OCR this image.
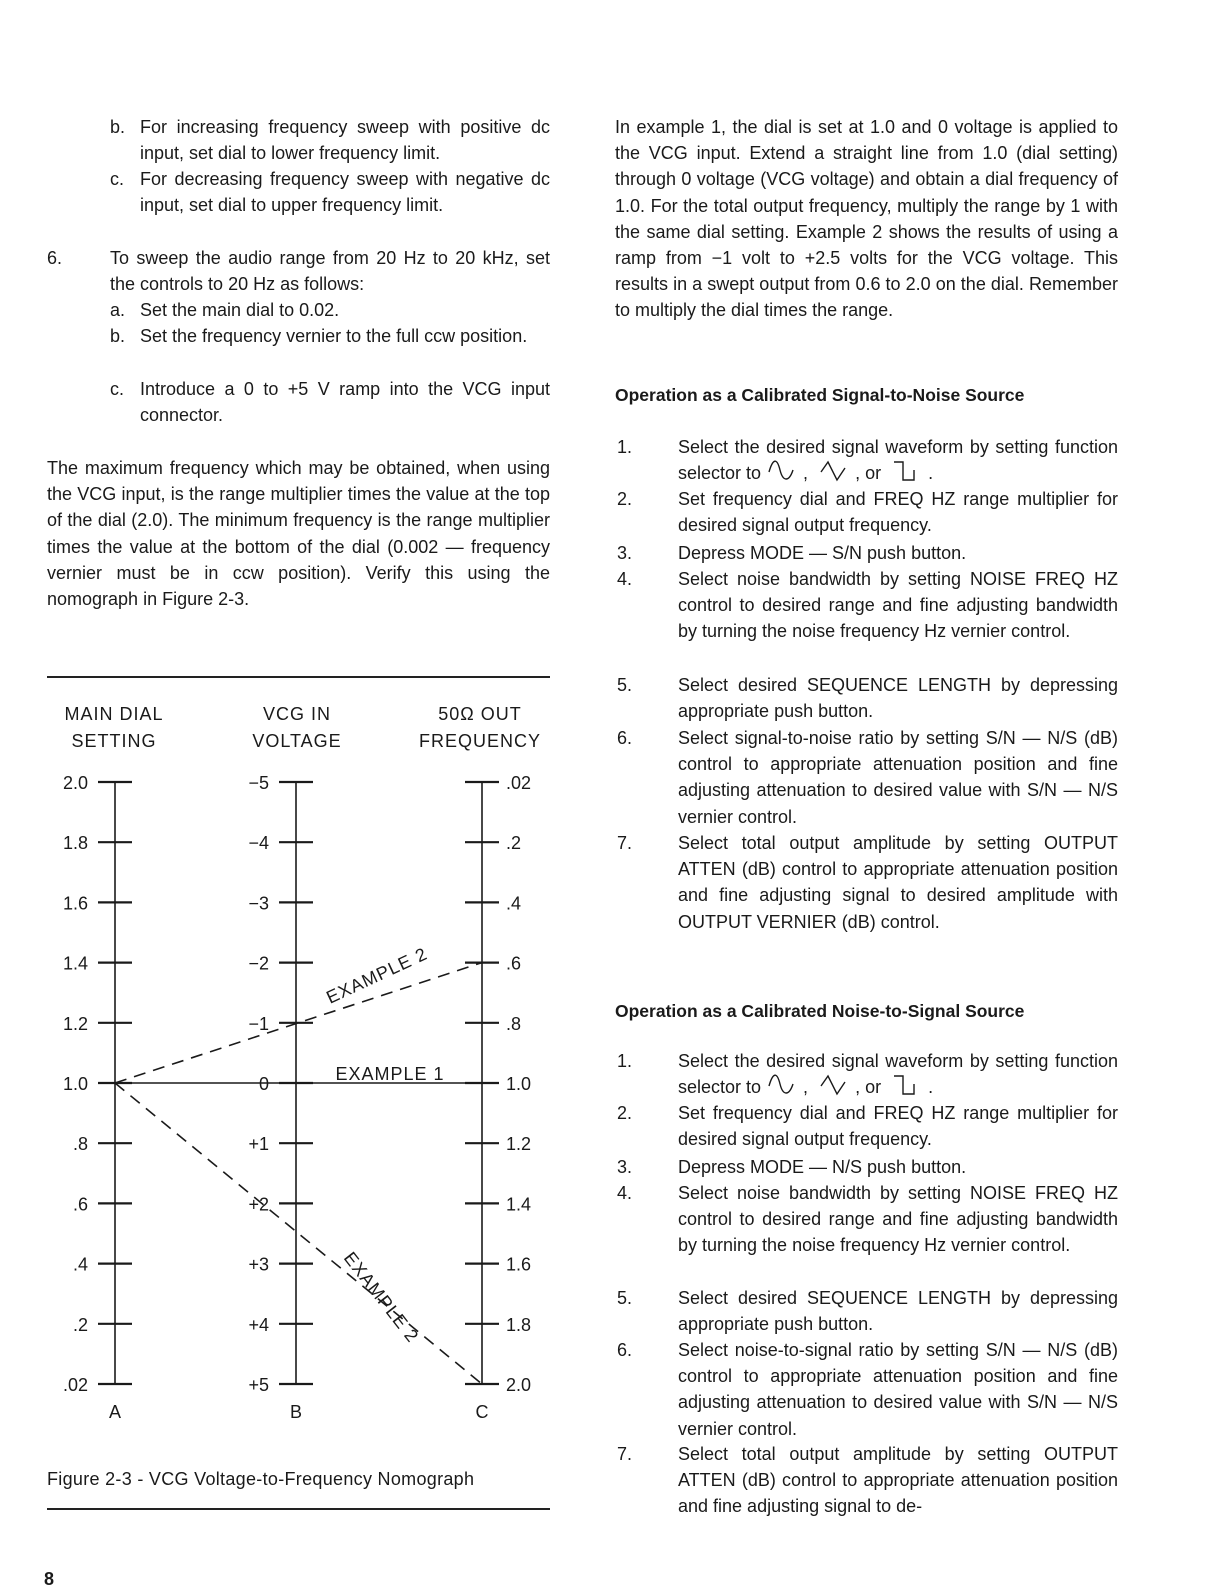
b. For increasing frequency sweep with positive dc input, set dial to lower frequency limit.
c. For decreasing frequency sweep with negative dc input, set dial to upper frequency limit.
6.	To sweep the audio range from 20 Hz to 20 kHz, set the controls to 20 Hz as follows:
a. Set the main dial to 0.02.
b. Set the frequency vernier to the full ccw position.
c. Introduce a 0 to +5 V ramp into the VCG input connector.
The maximum frequency which may be obtained, when using the VCG input, is the range multiplier times the value at the top of the dial (2.0). The minimum frequency is the range multiplier times the value at the bottom of the dial (0.002 — frequency vernier must be in ccw position). Verify this using the nomograph in Figure 2-3.
MAIN DIAL
SETTING
VCG IN
VOLTAGE
50Ω OUT
FREQUENCY
A
2.0
1.8
1.6
1.4
1.2
1.0
.8
.6
.4
.2
.02
B
−5
−4
−3
−2
−1
0
+1
+2
+3
+4
+5
C
.02
.2
.4
.6
.8
1.0
1.2
1.4
1.6
1.8
2.0
EXAMPLE 1
EXAMPLE 2
EXAMPLE 2
Figure 2-3 - VCG Voltage-to-Frequency Nomograph
8
In example 1, the dial is set at 1.0 and 0 voltage is applied to the VCG input. Extend a straight line from 1.0 (dial setting) through 0 voltage (VCG voltage) and obtain a dial frequency of 1.0. For the total output frequency, multiply the range by 1 with the same dial setting. Example 2 shows the results of using a ramp from −1 volt to +2.5 volts for the VCG voltage. This results in a swept output from 0.6 to 2.0 on the dial. Remember to multiply the dial times the range.
Operation as a Calibrated Signal-to-Noise Source
1.	Select the desired signal waveform by setting function selector to ,	, or	.
2.	Set frequency dial and FREQ HZ range multiplier for desired signal output frequency.
3.	Depress MODE — S/N push button.
4.	Select noise bandwidth by setting NOISE FREQ HZ control to desired range and fine adjusting bandwidth by turning the noise frequency Hz vernier control.
5.	Select desired SEQUENCE LENGTH by depressing appropriate push button.
6.	Select signal-to-noise ratio by setting S/N — N/S (dB) control to appropriate attenuation position and fine adjusting attenuation to desired value with S/N — N/S vernier control.
7.	Select total output amplitude by setting OUTPUT ATTEN (dB) control to appropriate attenuation position and fine adjusting signal to desired amplitude with OUTPUT VERNIER (dB) control.
Operation as a Calibrated Noise-to-Signal Source
1.	Select the desired signal waveform by setting function selector to ,	, or	.
2.	Set frequency dial and FREQ HZ range multiplier for desired signal output frequency.
3.	Depress MODE — N/S push button.
4.	Select noise bandwidth by setting NOISE FREQ HZ control to desired range and fine adjusting bandwidth by turning the noise frequency Hz vernier control.
5.	Select desired SEQUENCE LENGTH by depressing appropriate push button.
6.	Select noise-to-signal ratio by setting S/N — N/S (dB) control to appropriate attenuation position and fine adjusting attenuation to desired value with S/N — N/S vernier control.
7.	Select total output amplitude by setting OUTPUT ATTEN (dB) control to appropriate attenuation position and fine adjusting signal to de-
